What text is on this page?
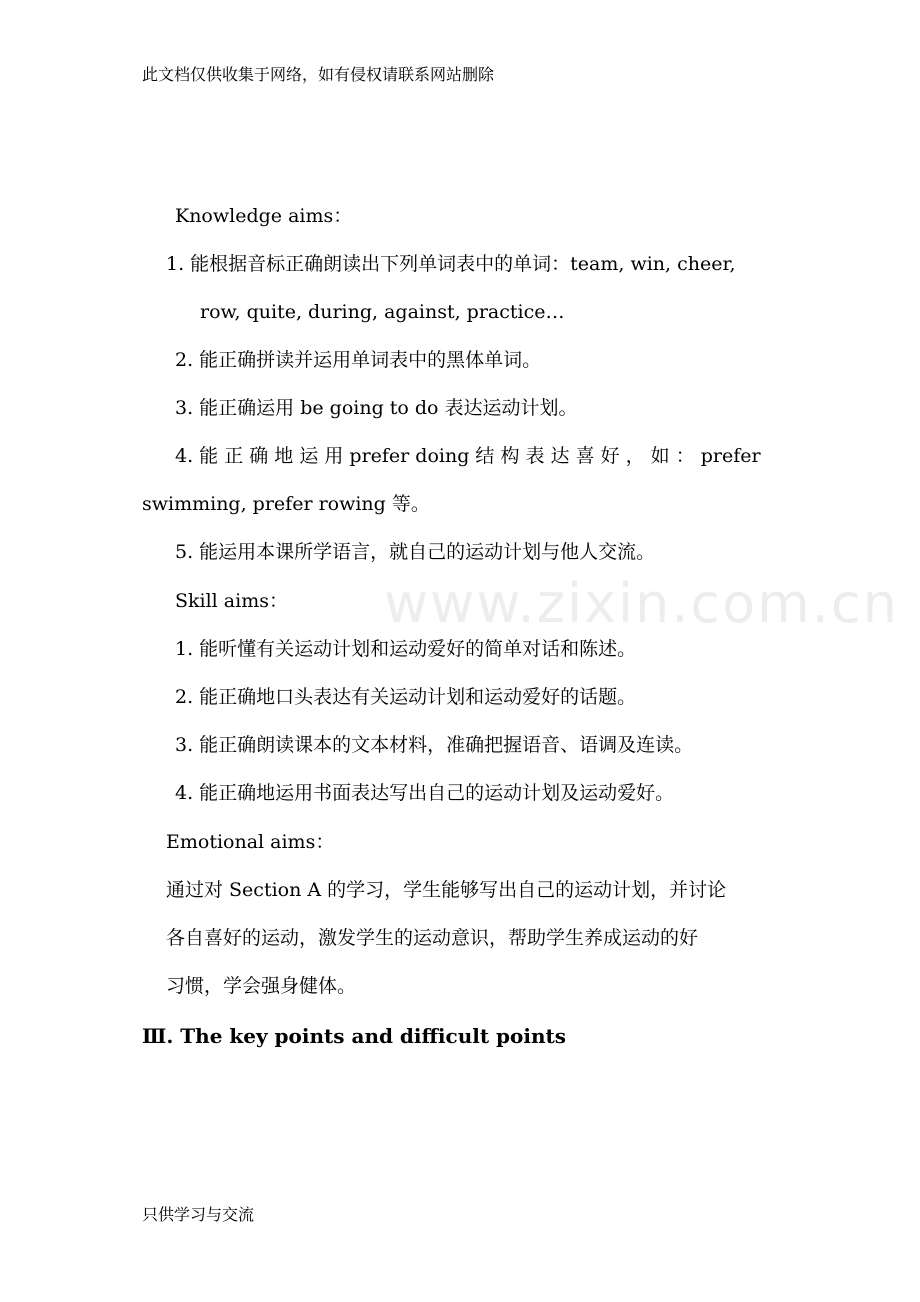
此文档仅供收集于网络，如有侵权请联系网站删除
www.zixin.com.cn
Knowledge aims：
1. 能根据音标正确朗读出下列单词表中的单词：team, win, cheer,
row, quite, during, against, practice…
2. 能正确拼读并运用单词表中的黑体单词。
3. 能正确运用 be going to do 表达运动计划。
4. 能 正 确 地 运 用 prefer doing 结 构 表 达 喜 好 ， 如 ： prefer
swimming, prefer rowing 等。
5. 能运用本课所学语言，就自己的运动计划与他人交流。
Skill aims：
1. 能听懂有关运动计划和运动爱好的简单对话和陈述。
2. 能正确地口头表达有关运动计划和运动爱好的话题。
3. 能正确朗读课本的文本材料，准确把握语音、语调及连读。
4. 能正确地运用书面表达写出自己的运动计划及运动爱好。
Emotional aims：
通过对 Section A 的学习，学生能够写出自己的运动计划，并讨论
各自喜好的运动，激发学生的运动意识，帮助学生养成运动的好
习惯，学会强身健体。
Ⅲ. The key points and difficult points
只供学习与交流
